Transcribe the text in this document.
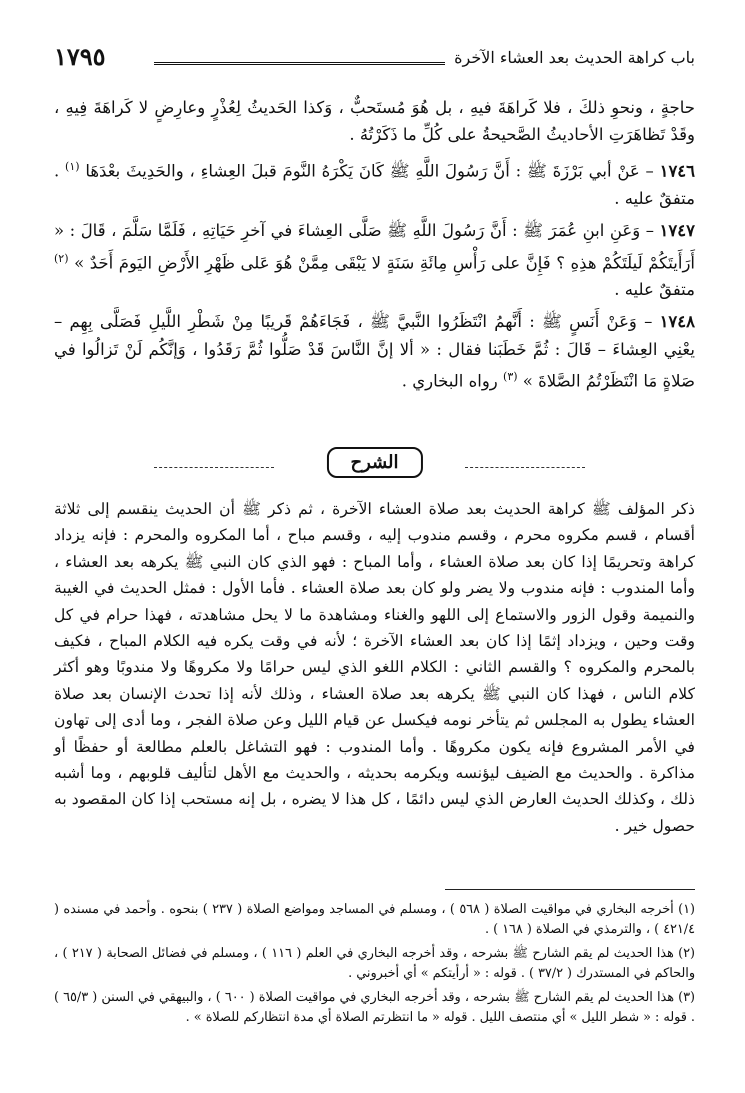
باب كراهة الحديث بعد العشاء الآخرة
١٧٩٥

حاجةٍ ، ونحوِ ذلكَ ، فلا كَراهَةَ فيهِ ، بل هُوَ مُستَحبٌّ ، وَكذا الحَديثُ لِعُذْرٍ وعارِضٍ لا كَراهَةَ فِيهِ ، وقَدْ تَظاهَرَتِ الأحاديثُ الصَّحيحةُ على كُلِّ ما ذَكَرْتُهُ .

١٧٤٦ – عَنْ أبي بَرْزَةَ ﷺ : أَنَّ رَسُولَ اللَّهِ ﷺ كَانَ يَكْرَهُ النَّومَ قبلَ العِشاءِ ، والحَدِيثَ بعْدَهَا $^{(١)}$ . متفقٌ عليه .

١٧٤٧ – وَعَنِ ابنِ عُمَرَ ﷺ : أَنَّ رَسُولَ اللَّهِ ﷺ صَلَّى العِشاءَ في آخرِ حَيَاتِهِ ، فَلَمَّا سَلَّمَ ، قَالَ : « أَرَأَيتَكُمْ لَيلَتَكُمْ هذِهِ ؟ فَإِنَّ على رَأْسِ مِائَةِ سَنَةٍ لا يَبْقَى مِمَّنْ هُوَ عَلى ظَهْرِ الأَرْضِ اليَومَ أَحَدٌ » $^{(٢)}$ متفقٌ عليه .

١٧٤٨ – وَعَنْ أَنَسٍ ﷺ : أَنَّهمُ انْتَظَرُوا النَّبيَّ ﷺ ، فَجَاءَهُمْ قَريبًا مِنْ شَطْرِ اللَّيلِ فَصَلَّى بِهِم – يعْنِي العِشاءَ – قَالَ : ثُمَّ خَطَبَنا فقال : « ألا إنَّ النَّاسَ قَدْ صَلُّوا ثُمَّ رَقَدُوا ، وَإنَّكُم لَنْ تَزالُوا في صَلاةٍ مَا انْتَظَرْتُمُ الصَّلاةَ » $^{(٣)}$ رواه البخاري .

الشرح

ذكر المؤلف ﷺ كراهة الحديث بعد صلاة العشاء الآخرة ، ثم ذكر ﷺ أن الحديث ينقسم إلى ثلاثة أقسام ، قسم مكروه محرم ، وقسم مندوب إليه ، وقسم مباح ، أما المكروه والمحرم : فإنه يزداد كراهة وتحريمًا إذا كان بعد صلاة العشاء ، وأما المباح : فهو الذي كان النبي ﷺ يكرهه بعد العشاء ، وأما المندوب : فإنه مندوب ولا يضر ولو كان بعد صلاة العشاء . فأما الأول : فمثل الحديث في الغيبة والنميمة وقول الزور والاستماع إلى اللهو والغناء ومشاهدة ما لا يحل مشاهدته ، فهذا حرام في كل وقت وحين ، ويزداد إثمًا إذا كان بعد العشاء الآخرة ؛ لأنه في وقت يكره فيه الكلام المباح ، فكيف بالمحرم والمكروه ؟ والقسم الثاني : الكلام اللغو الذي ليس حرامًا ولا مكروهًا ولا مندوبًا وهو أكثر كلام الناس ، فهذا كان النبي ﷺ يكرهه بعد صلاة العشاء ، وذلك لأنه إذا تحدث الإنسان بعد صلاة العشاء يطول به المجلس ثم يتأخر نومه فيكسل عن قيام الليل وعن صلاة الفجر ، وما أدى إلى تهاون في الأمر المشروع فإنه يكون مكروهًا . وأما المندوب : فهو التشاغل بالعلم مطالعة أو حفظًا أو مذاكرة . والحديث مع الضيف ليؤنسه ويكرمه بحديثه ، والحديث مع الأهل لتأليف قلوبهم ، وما أشبه ذلك ، وكذلك الحديث العارض الذي ليس دائمًا ، كل هذا لا يضره ، بل إنه مستحب إذا كان المقصود به حصول خير .

(١) أخرجه البخاري في مواقيت الصلاة ( ٥٦٨ ) ، ومسلم في المساجد ومواضع الصلاة ( ٢٣٧ ) بنحوه . وأحمد في مسنده ( ٤٢١/٤ ) ، والترمذي في الصلاة ( ١٦٨ ) .

(٢) هذا الحديث لم يقم الشارح ﷺ بشرحه ، وقد أخرجه البخاري في العلم ( ١١٦ ) ، ومسلم في فضائل الصحابة ( ٢١٧ ) ، والحاكم في المستدرك ( ٣٧/٢ ) . قوله : « أرأيتكم » أي أخبروني .

(٣) هذا الحديث لم يقم الشارح ﷺ بشرحه ، وقد أخرجه البخاري في مواقيت الصلاة ( ٦٠٠ ) ، والبيهقي في السنن ( ٦٥/٣ ) . قوله : « شطر الليل » أي منتصف الليل . قوله « ما انتظرتم الصلاة أي مدة انتظاركم للصلاة » .
